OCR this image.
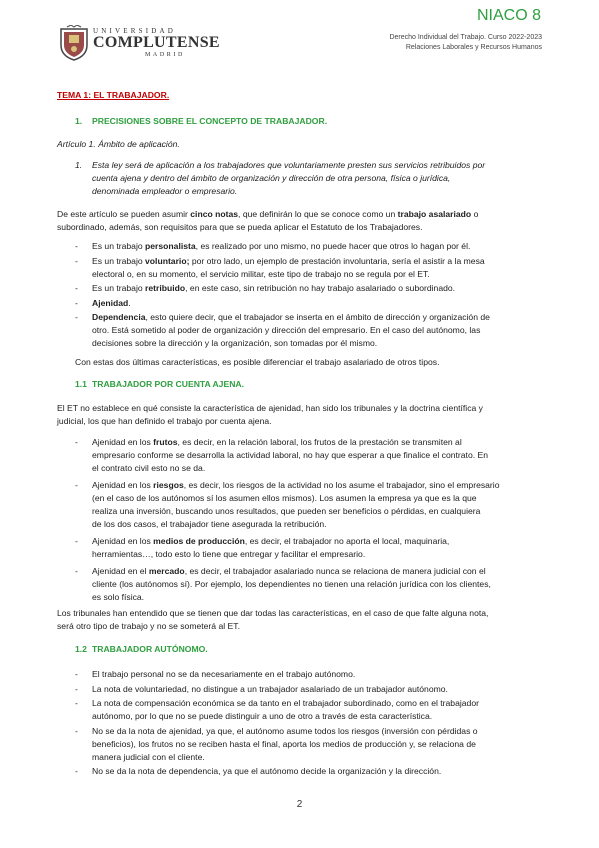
UNIVERSIDAD
COMPLUTENSE
MADRID
NIACO 8
Derecho Individual del Trabajo. Curso 2022-2023
Relaciones Laborales y Recursos Humanos
TEMA 1: EL TRABAJADOR.
1. PRECISIONES SOBRE EL CONCEPTO DE TRABAJADOR.
Artículo 1. Ámbito de aplicación.
1. Esta ley será de aplicación a los trabajadores que voluntariamente presten sus servicios retribuidos por
cuenta ajena y dentro del ámbito de organización y dirección de otra persona, física o jurídica,
denominada empleador o empresario.
De este artículo se pueden asumir cinco notas, que definirán lo que se conoce como un trabajo asalariado o
subordinado, además, son requisitos para que se pueda aplicar el Estatuto de los Trabajadores.
- Es un trabajo personalista, es realizado por uno mismo, no puede hacer que otros lo hagan por él.
- Es un trabajo voluntario; por otro lado, un ejemplo de prestación involuntaria, sería el asistir a la mesa
electoral o, en su momento, el servicio militar, este tipo de trabajo no se regula por el ET.
- Es un trabajo retribuido, en este caso, sin retribución no hay trabajo asalariado o subordinado.
- Ajenidad.
- Dependencia, esto quiere decir, que el trabajador se inserta en el ámbito de dirección y organización de
otro. Está sometido al poder de organización y dirección del empresario. En el caso del autónomo, las
decisiones sobre la dirección y la organización, son tomadas por él mismo.
Con estas dos últimas características, es posible diferenciar el trabajo asalariado de otros tipos.
1.1 TRABAJADOR POR CUENTA AJENA.
El ET no establece en qué consiste la característica de ajenidad, han sido los tribunales y la doctrina científica y
judicial, los que han definido el trabajo por cuenta ajena.
- Ajenidad en los frutos, es decir, en la relación laboral, los frutos de la prestación se transmiten al
empresario conforme se desarrolla la actividad laboral, no hay que esperar a que finalice el contrato. En
el contrato civil esto no se da.
- Ajenidad en los riesgos, es decir, los riesgos de la actividad no los asume el trabajador, sino el empresario
(en el caso de los autónomos sí los asumen ellos mismos). Los asumen la empresa ya que es la que
realiza una inversión, buscando unos resultados, que pueden ser beneficios o pérdidas, en cualquiera
de los dos casos, el trabajador tiene asegurada la retribución.
- Ajenidad en los medios de producción, es decir, el trabajador no aporta el local, maquinaria,
herramientas…, todo esto lo tiene que entregar y facilitar el empresario.
- Ajenidad en el mercado, es decir, el trabajador asalariado nunca se relaciona de manera judicial con el
cliente (los autónomos sí). Por ejemplo, los dependientes no tienen una relación jurídica con los clientes,
es solo física.
Los tribunales han entendido que se tienen que dar todas las características, en el caso de que falte alguna nota,
será otro tipo de trabajo y no se someterá al ET.
1.2 TRABAJADOR AUTÓNOMO.
- El trabajo personal no se da necesariamente en el trabajo autónomo.
- La nota de voluntariedad, no distingue a un trabajador asalariado de un trabajador autónomo.
- La nota de compensación económica se da tanto en el trabajador subordinado, como en el trabajador
autónomo, por lo que no se puede distinguir a uno de otro a través de esta característica.
- No se da la nota de ajenidad, ya que, el autónomo asume todos los riesgos (inversión con pérdidas o
beneficios), los frutos no se reciben hasta el final, aporta los medios de producción y, se relaciona de
manera judicial con el cliente.
- No se da la nota de dependencia, ya que el autónomo decide la organización y la dirección.
2
